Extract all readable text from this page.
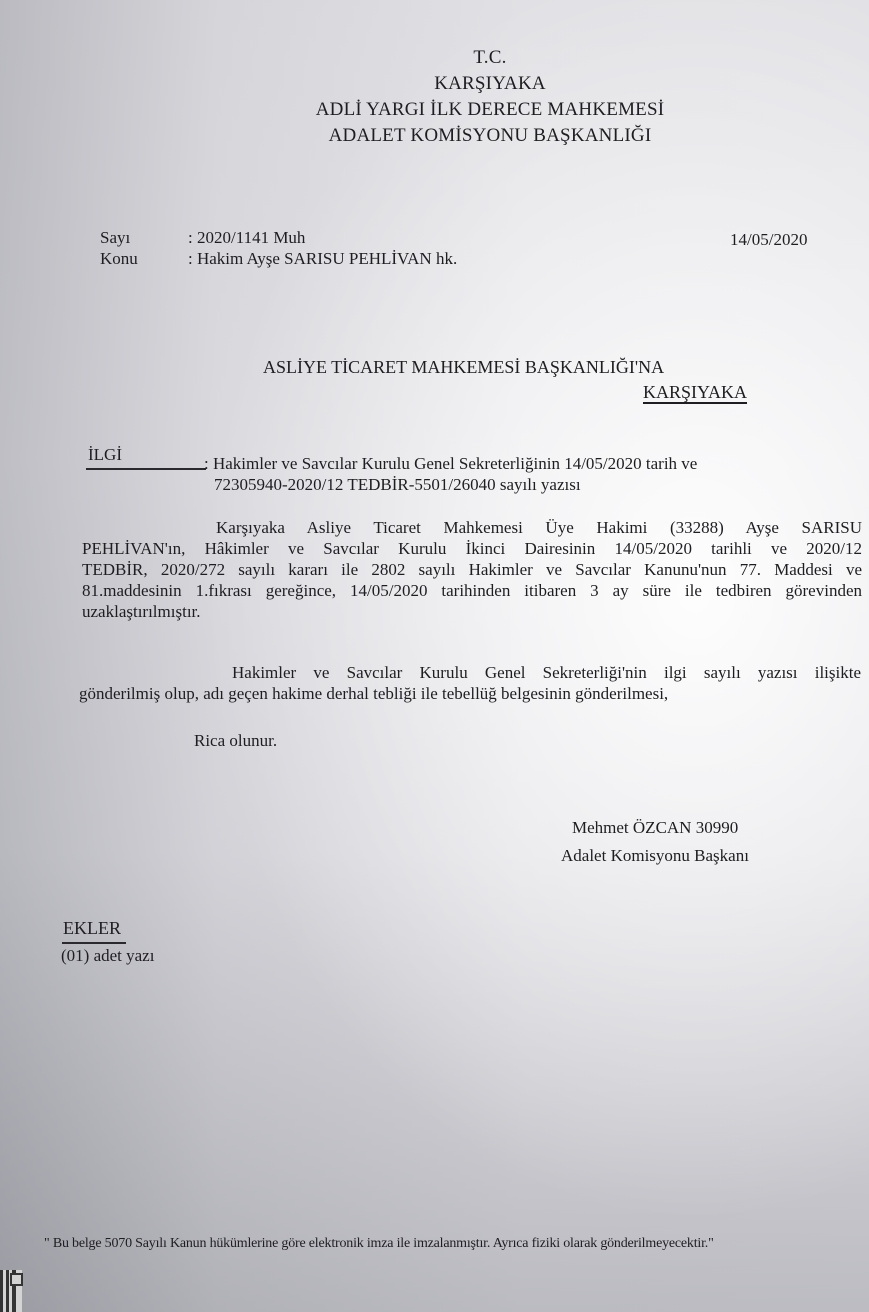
T.C.
KARŞIYAKA
ADLİ YARGI İLK DERECE MAHKEMESİ
ADALET KOMİSYONU BAŞKANLIĞI
Sayı	: 2020/1141 Muh	14/05/2020
Konu	: Hakim Ayşe SARISU PEHLİVAN hk.
ASLİYE TİCARET MAHKEMESİ BAŞKANLIĞI'NA
KARŞIYAKA
İLGİ	: Hakimler ve Savcılar Kurulu Genel Sekreterliğinin 14/05/2020 tarih ve
72305940-2020/12 TEDBİR-5501/26040 sayılı yazısı
Karşıyaka Asliye Ticaret Mahkemesi Üye Hakimi (33288) Ayşe SARISU
PEHLİVAN'ın, Hâkimler ve Savcılar Kurulu İkinci Dairesinin 14/05/2020 tarihli ve 2020/12
TEDBİR, 2020/272 sayılı kararı ile 2802 sayılı Hakimler ve Savcılar Kanunu'nun 77. Maddesi ve
81.maddesinin 1.fıkrası gereğince, 14/05/2020 tarihinden itibaren 3 ay süre ile tedbiren görevinden
uzaklaştırılmıştır.
Hakimler ve Savcılar Kurulu Genel Sekreterliği'nin ilgi sayılı yazısı ilişikte
gönderilmiş olup, adı geçen hakime derhal tebliği ile tebellüğ belgesinin gönderilmesi,
Rica olunur.
Mehmet ÖZCAN 30990
Adalet Komisyonu Başkanı
EKLER
(01) adet yazı
" Bu belge 5070 Sayılı Kanun hükümlerine göre elektronik imza ile imzalanmıştır. Ayrıca fiziki olarak gönderilmeyecektir."
